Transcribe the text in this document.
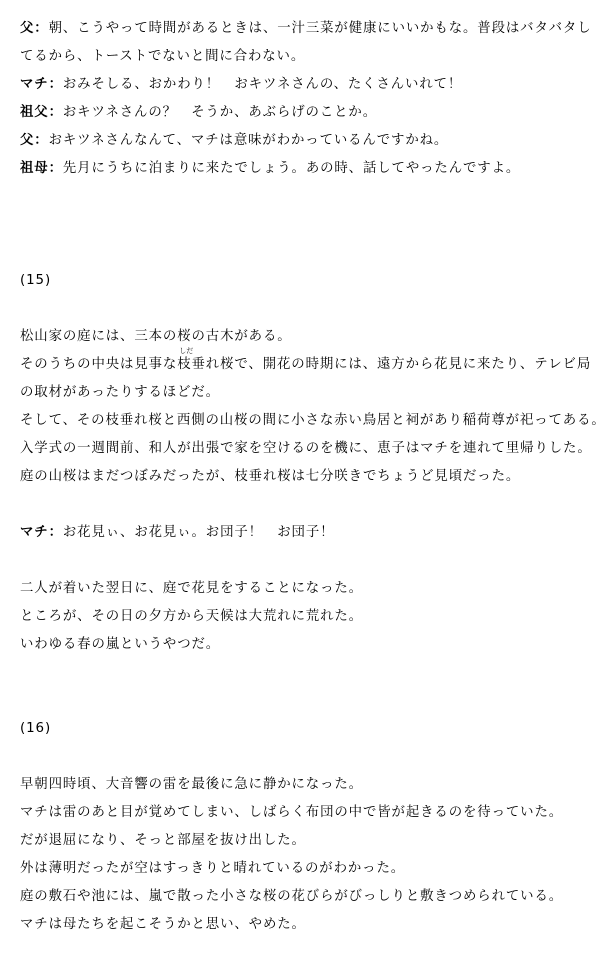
父：朝、こうやって時間があるときは、一汁三菜が健康にいいかもな。普段はバタバタし
てるから、トーストでないと間に合わない。
マチ：おみそしる、おかわり！　おキツネさんの、たくさんいれて！
祖父：おキツネさんの？　そうか、あぶらげのことか。
父：おキツネさんなんて、マチは意味がわかっているんですかね。
祖母：先月にうちに泊まりに来たでしょう。あの時、話してやったんですよ。
(15)
松山家の庭には、三本の桜の古木がある。
そのうちの中央は見事な
しだ
枝垂れ桜で、開花の時期には、遠方から花見に来たり、テレビ局
の取材があったりするほどだ。
そして、その枝垂れ桜と西側の山桜の間に小さな赤い鳥居と祠があり稲荷尊が祀ってある。
入学式の一週間前、和人が出張で家を空けるのを機に、恵子はマチを連れて里帰りした。
庭の山桜はまだつぼみだったが、枝垂れ桜は七分咲きでちょうど見頃だった。
マチ：お花見ぃ、お花見ぃ。お団子！　お団子！
二人が着いた翌日に、庭で花見をすることになった。
ところが、その日の夕方から天候は大荒れに荒れた。
いわゆる春の嵐というやつだ。
(16)
早朝四時頃、大音響の雷を最後に急に静かになった。
マチは雷のあと目が覚めてしまい、しばらく布団の中で皆が起きるのを待っていた。
だが退屈になり、そっと部屋を抜け出した。
外は薄明だったが空はすっきりと晴れているのがわかった。
庭の敷石や池には、嵐で散った小さな桜の花びらがびっしりと敷きつめられている。
マチは母たちを起こそうかと思い、やめた。
